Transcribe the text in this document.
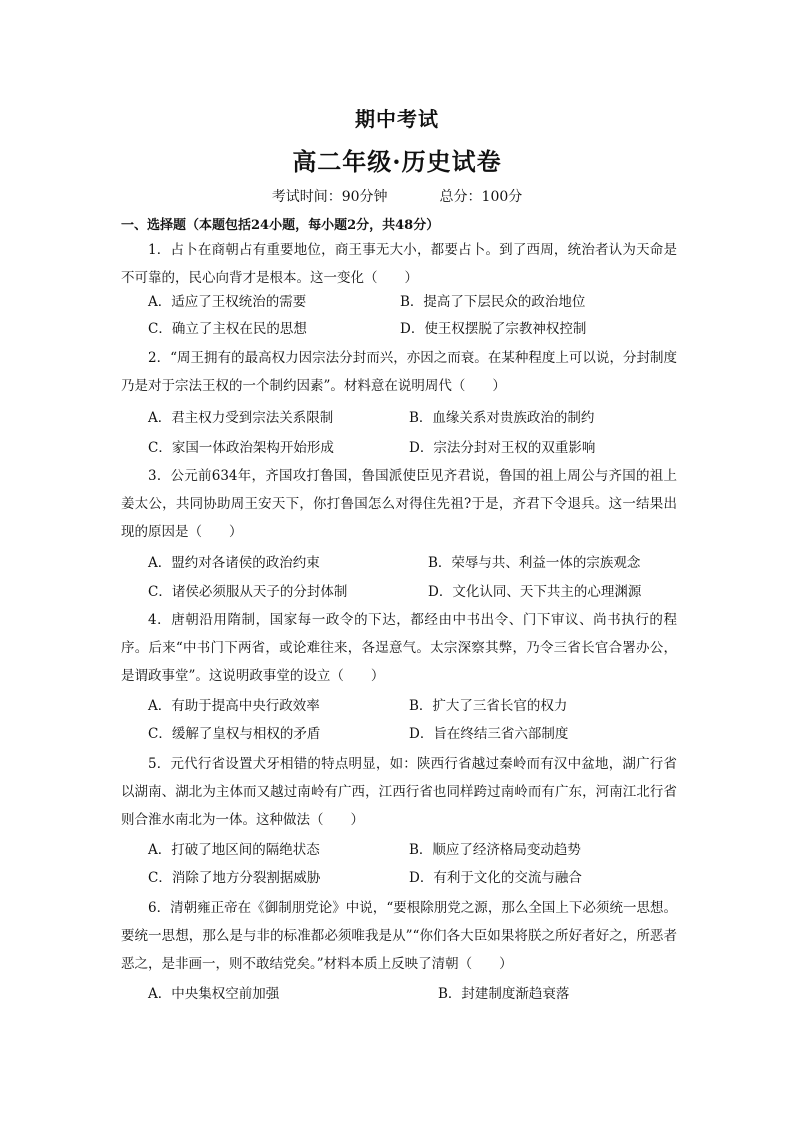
期中考试
高二年级·历史试卷
考试时间：90分钟	总分：100分
一、选择题（本题包括24小题，每小题2分，共48分）

1．占卜在商朝占有重要地位，商王事无大小，都要占卜。到了西周，统治者认为天命是不可靠的，民心向背才是根本。这一变化（　　）

A．适应了王权统治的需要	B．提高了下层民众的政治地位
C．确立了主权在民的思想	D．使王权摆脱了宗教神权控制

2．“周王拥有的最高权力因宗法分封而兴，亦因之而衰。在某种程度上可以说，分封制度乃是对于宗法王权的一个制约因素”。材料意在说明周代（　　）

A．君主权力受到宗法关系限制	B．血缘关系对贵族政治的制约
C．家国一体政治架构开始形成	D．宗法分封对王权的双重影响

3．公元前634年，齐国攻打鲁国，鲁国派使臣见齐君说，鲁国的祖上周公与齐国的祖上姜太公，共同协助周王安天下，你打鲁国怎么对得住先祖?于是，齐君下令退兵。这一结果出现的原因是（　　）

A．盟约对各诸侯的政治约束	B．荣辱与共、利益一体的宗族观念
C．诸侯必须服从天子的分封体制	D．文化认同、天下共主的心理渊源

4．唐朝沿用隋制，国家每一政令的下达，都经由中书出令、门下审议、尚书执行的程序。后来“中书门下两省，或论难往来，各逞意气。太宗深察其弊，乃令三省长官合署办公，是谓政事堂”。这说明政事堂的设立（　　）

A．有助于提高中央行政效率	B．扩大了三省长官的权力
C．缓解了皇权与相权的矛盾	D．旨在终结三省六部制度

5．元代行省设置犬牙相错的特点明显，如：陕西行省越过秦岭而有汉中盆地，湖广行省以湖南、湖北为主体而又越过南岭有广西，江西行省也同样跨过南岭而有广东，河南江北行省则合淮水南北为一体。这种做法（　　）

A．打破了地区间的隔绝状态	B．顺应了经济格局变动趋势
C．消除了地方分裂割据威胁	D．有利于文化的交流与融合

6．清朝雍正帝在《御制朋党论》中说，“要根除朋党之源，那么全国上下必须统一思想。要统一思想，那么是与非的标准都必须唯我是从”“你们各大臣如果将朕之所好者好之，所恶者恶之，是非画一，则不敢结党矣。”材料本质上反映了清朝（　　）

A．中央集权空前加强	B．封建制度渐趋衰落
